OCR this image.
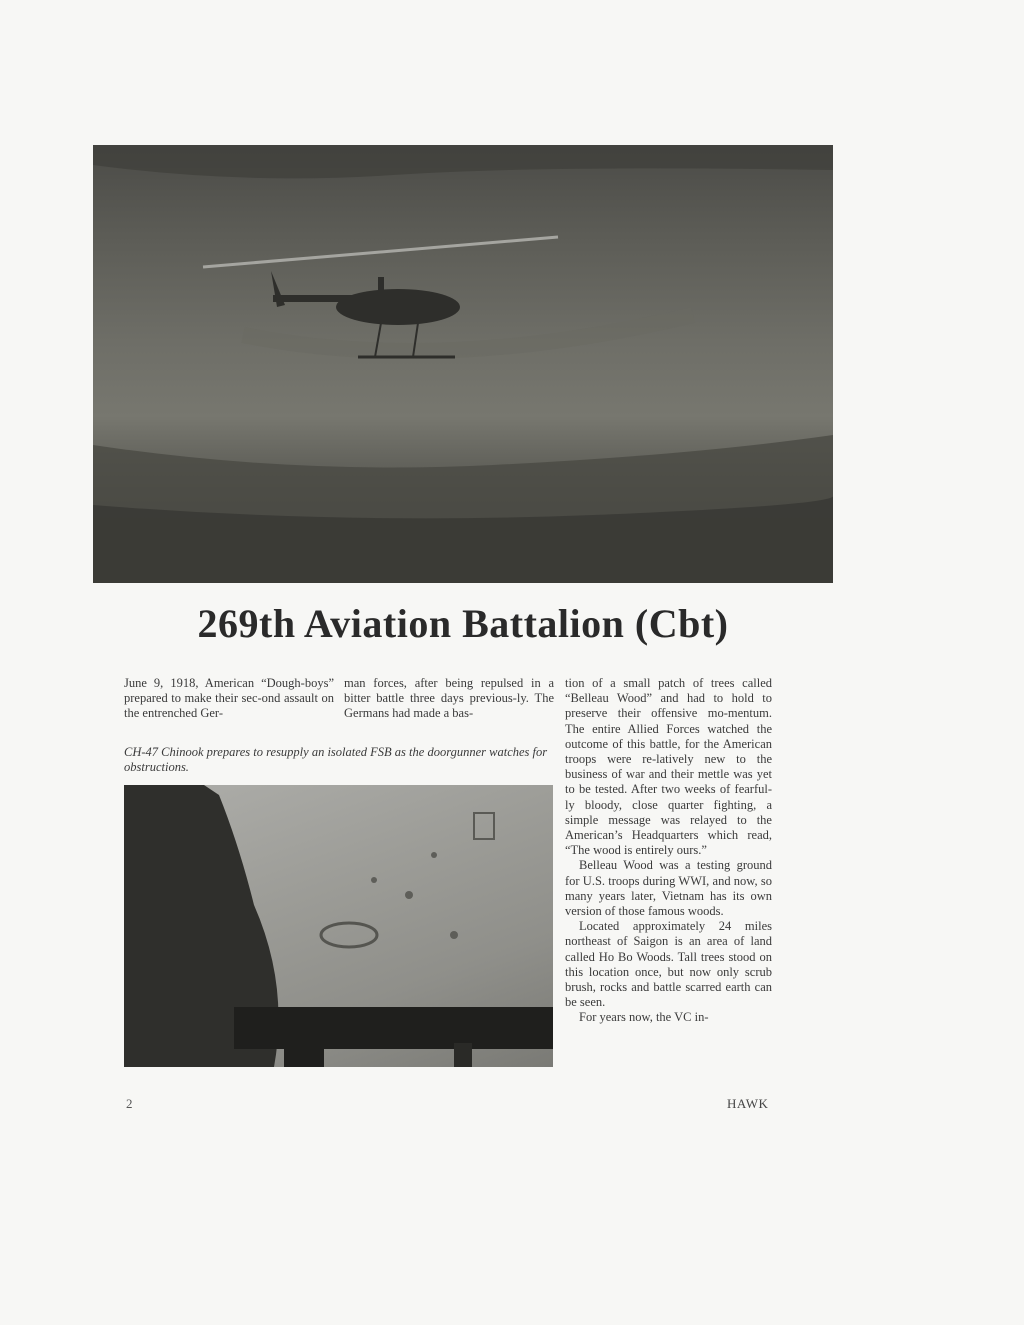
269th Aviation Battalion (Cbt)

June 9, 1918, American “Dough-boys” prepared to make their sec-ond assault on the entrenched Ger-

man forces, after being repulsed in a bitter battle three days previous-ly. The Germans had made a bas-

CH-47 Chinook prepares to resupply an isolated FSB as the doorgunner watches for obstructions.

tion of a small patch of trees called “Belleau Wood” and had to hold to preserve their offensive mo-mentum. The entire Allied Forces watched the outcome of this battle, for the American troops were re-latively new to the business of war and their mettle was yet to be tested. After two weeks of fearful-ly bloody, close quarter fighting, a simple message was relayed to the American’s Headquarters which read, “The wood is entirely ours.”

Belleau Wood was a testing ground for U.S. troops during WWI, and now, so many years later, Vietnam has its own version of those famous woods.

Located approximately 24 miles northeast of Saigon is an area of land called Ho Bo Woods. Tall trees stood on this location once, but now only scrub brush, rocks and battle scarred earth can be seen.

For years now, the VC in-

2	HAWK
